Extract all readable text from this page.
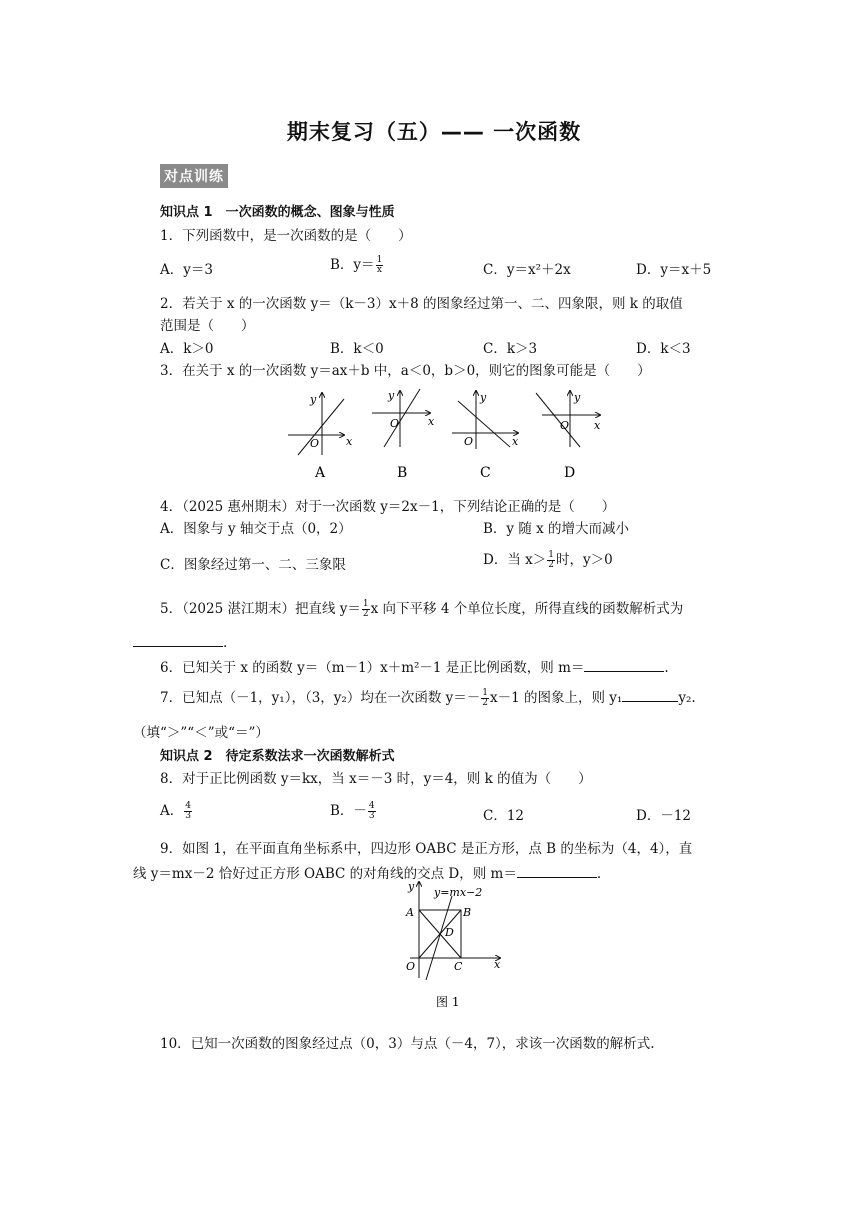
期末复习（五）—— 一次函数
对点训练
知识点 1　一次函数的概念、图象与性质
1．下列函数中，是一次函数的是（　　）
A．y＝3	B．$y= \frac{1}{x}$	C．y＝x²＋2x	D．y＝x＋5
2．若关于 x 的一次函数 y＝（k－3）x＋8 的图象经过第一、二、四象限，则 k 的取值
范围是（　　）
A．k＞0	B．k＜0	C．k＞3	D．k＜3
3．在关于 x 的一次函数 y＝ax＋b 中，a＜0，b＞0，则它的图象可能是（　　）
y
O x
A
y
O	x
B
y
O	x
C
y
O x
D
4．（2025 惠州期末）对于一次函数 y＝2x－1，下列结论正确的是（　　）
A．图象与 y 轴交于点（0，2）	B．y 随 x 的增大而减小
C．图象经过第一、二、三象限	D．当 $x> \frac{1}{2}$ 时，y＞0
5．（2025 湛江期末）把直线 $y= \frac{1}{2}$ x 向下平移 4 个单位长度，所得直线的函数解析式为
.
6．已知关于 x 的函数 y＝（m－1）x＋m²－1 是正比例函数，则 m＝	.
7．已知点（－1，y₁），（3，y₂）均在一次函数 $y=- \frac{1}{2} x-1$ 的图象上，则 y₁	y₂.
（填“＞”“＜”或“＝”）
知识点 2　待定系数法求一次函数解析式
8．对于正比例函数 y＝kx，当 x＝－3 时，y＝4，则 k 的值为（　　）
A． $\frac{4}{3}$	B．－ $\frac{4}{3}$	C．12	D．－12
9．如图 1，在平面直角坐标系中，四边形 OABC 是正方形，点 B 的坐标为（4，4），直
线 y＝mx－2 恰好过正方形 OABC 的对角线的交点 D，则 m＝	.
y=mx−2
y
x
A	B
D
O	C
图 1
10．已知一次函数的图象经过点（0，3）与点（－4，7），求该一次函数的解析式.
